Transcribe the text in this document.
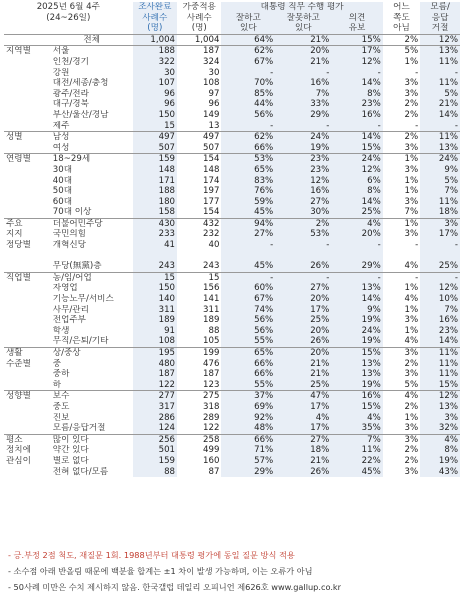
2025년 6월 4주		조사완료	가중적용	대통령 직무 수행 평가			어느	모름/
(24~26일)		사례수	사례수	잘하고	잘못하고	의견	쪽도	응답
		(명)	(명)	있다	있다	유보	아님	거절
	전체	1,004	1,004	64%	21%	15%	2%	12%
지역별	서울	188	187	62%	20%	17%	5%	13%
	인천/경기	322	324	67%	21%	12%	1%	11%
	강원	30	30	-	-	-	-	-
	대전/세종/충청	107	108	70%	16%	14%	3%	11%
	광주/전라	96	97	85%	7%	8%	3%	5%
	대구/경북	96	96	44%	33%	23%	2%	21%
	부산/울산/경남	150	149	56%	29%	16%	2%	14%
	제주	15	13	-	-	-	-	-
성별	남성	497	497	62%	24%	14%	2%	11%
	여성	507	507	66%	19%	15%	3%	13%
연령별	18~29세	159	154	53%	23%	24%	1%	24%
	30대	148	148	65%	23%	12%	3%	9%
	40대	171	174	83%	12%	6%	1%	5%
	50대	188	197	76%	16%	8%	1%	7%
	60대	180	177	59%	27%	14%	3%	11%
	70대 이상	158	154	45%	30%	25%	7%	18%
주요	더불어민주당	430	432	94%	2%	4%	1%	3%
지지	국민의힘	233	232	27%	53%	20%	3%	17%
정당별	개혁신당	41	40	-	-	-	-	-

	무당(無黨)층	243	243	45%	26%	29%	4%	25%
직업별	농/임/어업	15	15	-	-	-	-	-
	자영업	150	156	60%	27%	13%	1%	12%
	기능노무/서비스	140	141	67%	20%	14%	4%	10%
	사무/관리	311	311	74%	17%	9%	1%	7%
	전업주부	189	189	56%	25%	19%	3%	16%
	학생	91	88	56%	20%	24%	1%	23%
	무직/은퇴/기타	108	105	55%	26%	19%	4%	14%
생활	상/중상	195	199	65%	20%	15%	3%	11%
수준별	중	480	476	66%	21%	13%	2%	11%
	중하	187	187	66%	21%	13%	3%	11%
	하	122	123	55%	25%	19%	5%	15%
성향별	보수	277	275	37%	47%	16%	4%	12%
	중도	317	318	69%	17%	15%	2%	13%
	진보	286	289	92%	4%	4%	1%	3%
	모름/응답거절	124	122	48%	17%	35%	3%	32%
평소	많이 있다	256	258	66%	27%	7%	3%	4%
정치에	약간 있다	501	499	71%	18%	11%	2%	8%
관심이	별로 없다	159	160	57%	21%	22%	2%	19%
	전혀 없다/모름	88	87	29%	26%	45%	3%	43%
- 긍.부정 2점 척도, 재질문 1회. 1988년부터 대통령 평가에 동일 질문 방식 적용
- 소수점 아래 반올림 때문에 백분율 합계는 ±1 차이 발생 가능하며, 이는 오류가 아님
- 50사례 미만은 수치 제시하지 않음. 한국갤럽 데일리 오피니언 제626호 www.gallup.co.kr
